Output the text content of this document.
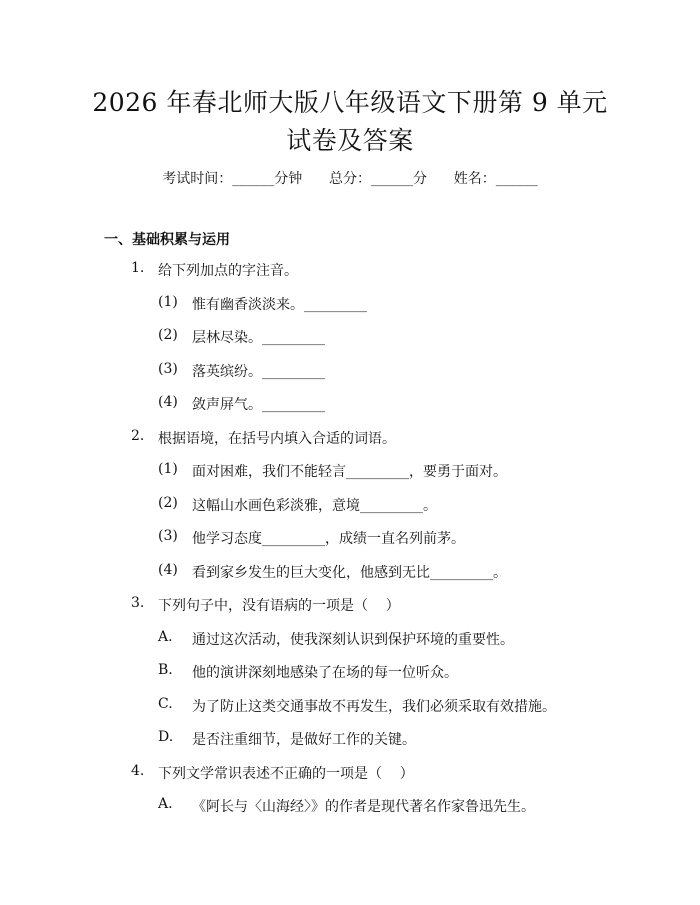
2026 年春北师大版八年级语文下册第 9 单元
试卷及答案
考试时间：______分钟      总分：______分      姓名：______
一、基础积累与运用
1. 给下列加点的字注音。
(1) 惟有幽香淡淡来。_________
(2) 层林尽染。_________
(3) 落英缤纷。_________
(4) 敛声屏气。_________
2. 根据语境，在括号内填入合适的词语。
(1) 面对困难，我们不能轻言_________，要勇于面对。
(2) 这幅山水画色彩淡雅，意境_________。
(3) 他学习态度_________，成绩一直名列前茅。
(4) 看到家乡发生的巨大变化，他感到无比_________。
3. 下列句子中，没有语病的一项是（    ）
A. 通过这次活动，使我深刻认识到保护环境的重要性。
B. 他的演讲深刻地感染了在场的每一位听众。
C. 为了防止这类交通事故不再发生，我们必须采取有效措施。
D. 是否注重细节，是做好工作的关键。
4. 下列文学常识表述不正确的一项是（    ）
A. 《阿长与〈山海经〉》的作者是现代著名作家鲁迅先生。
